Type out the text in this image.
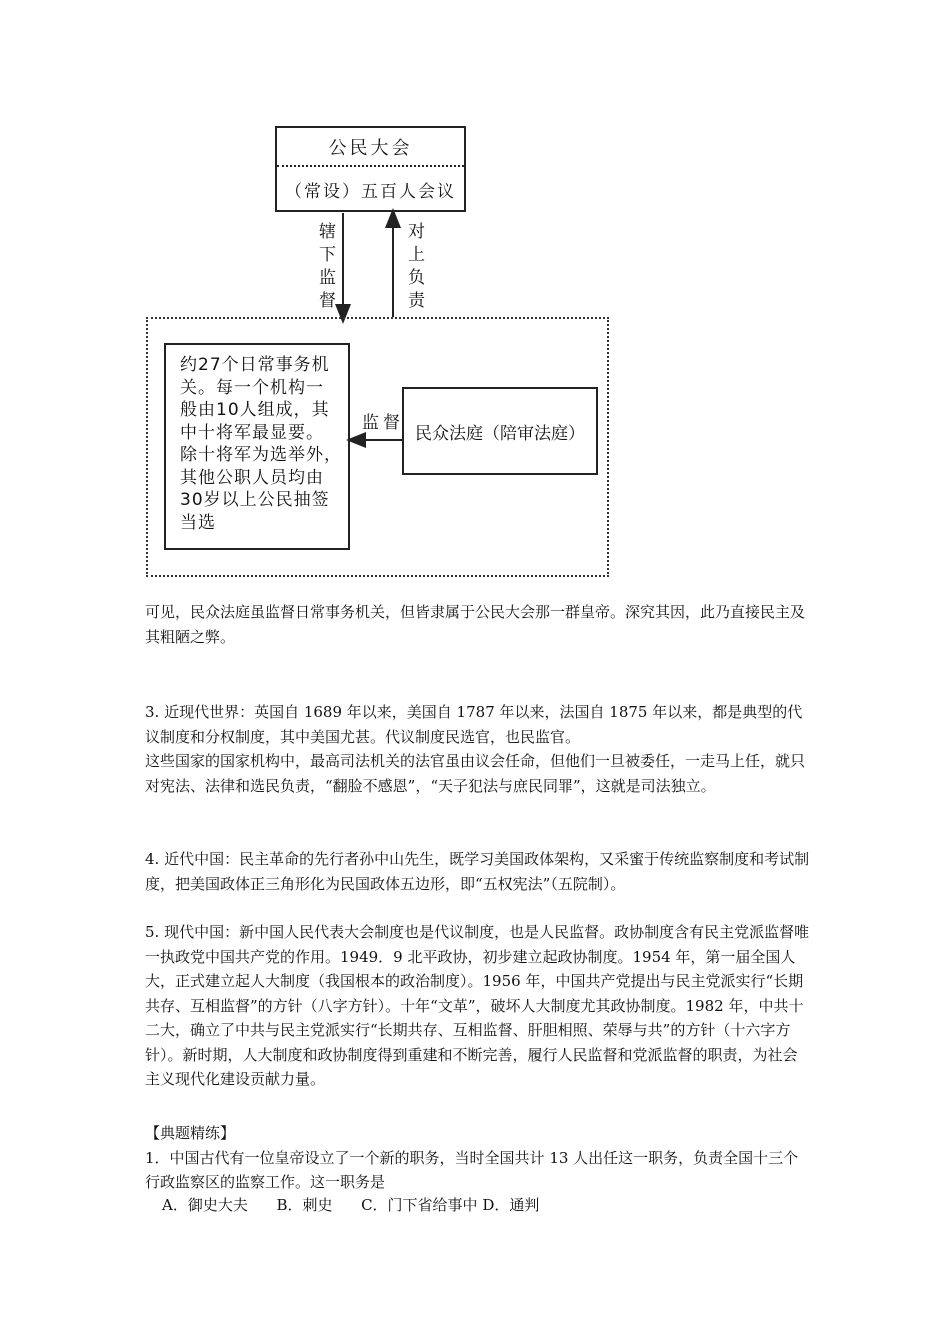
公民大会
（常设）五百人会议
辖下监督	对上负责
约27个日常事务机
关。每一个机构一
般由10人组成，其
中十将军最显要。
除十将军为选举外，
其他公职人员均由
30岁以上公民抽签
当选
监督
民众法庭（陪审法庭）

可见，民众法庭虽监督日常事务机关，但皆隶属于公民大会那一群皇帝。深究其因，此乃直接民主及其粗陋之弊。

3. 近现代世界：英国自 1689 年以来，美国自 1787 年以来，法国自 1875 年以来，都是典型的代议制度和分权制度，其中美国尤甚。代议制度民选官，也民监官。

这些国家的国家机构中，最高司法机关的法官虽由议会任命，但他们一旦被委任，一走马上任，就只对宪法、法律和选民负责，“翻脸不感恩”，“天子犯法与庶民同罪”，这就是司法独立。

4. 近代中国：民主革命的先行者孙中山先生，既学习美国政体架构，又采蜜于传统监察制度和考试制度，把美国政体正三角形化为民国政体五边形，即“五权宪法”（五院制）。

5. 现代中国：新中国人民代表大会制度也是代议制度，也是人民监督。政协制度含有民主党派监督唯一执政党中国共产党的作用。1949．9 北平政协，初步建立起政协制度。1954 年，第一届全国人大，正式建立起人大制度（我国根本的政治制度）。1956 年，中国共产党提出与民主党派实行“长期共存、互相监督”的方针（八字方针）。十年“文革”，破坏人大制度尤其政协制度。1982 年，中共十二大，确立了中共与民主党派实行“长期共存、互相监督、肝胆相照、荣辱与共”的方针（十六字方针）。新时期，人大制度和政协制度得到重建和不断完善，履行人民监督和党派监督的职责，为社会主义现代化建设贡献力量。

【典题精练】

1．中国古代有一位皇帝设立了一个新的职务，当时全国共计 13 人出任这一职务，负责全国十三个行政监察区的监察工作。这一职务是

A．御史大夫      B．刺史      C．门下省给事中 D．通判
